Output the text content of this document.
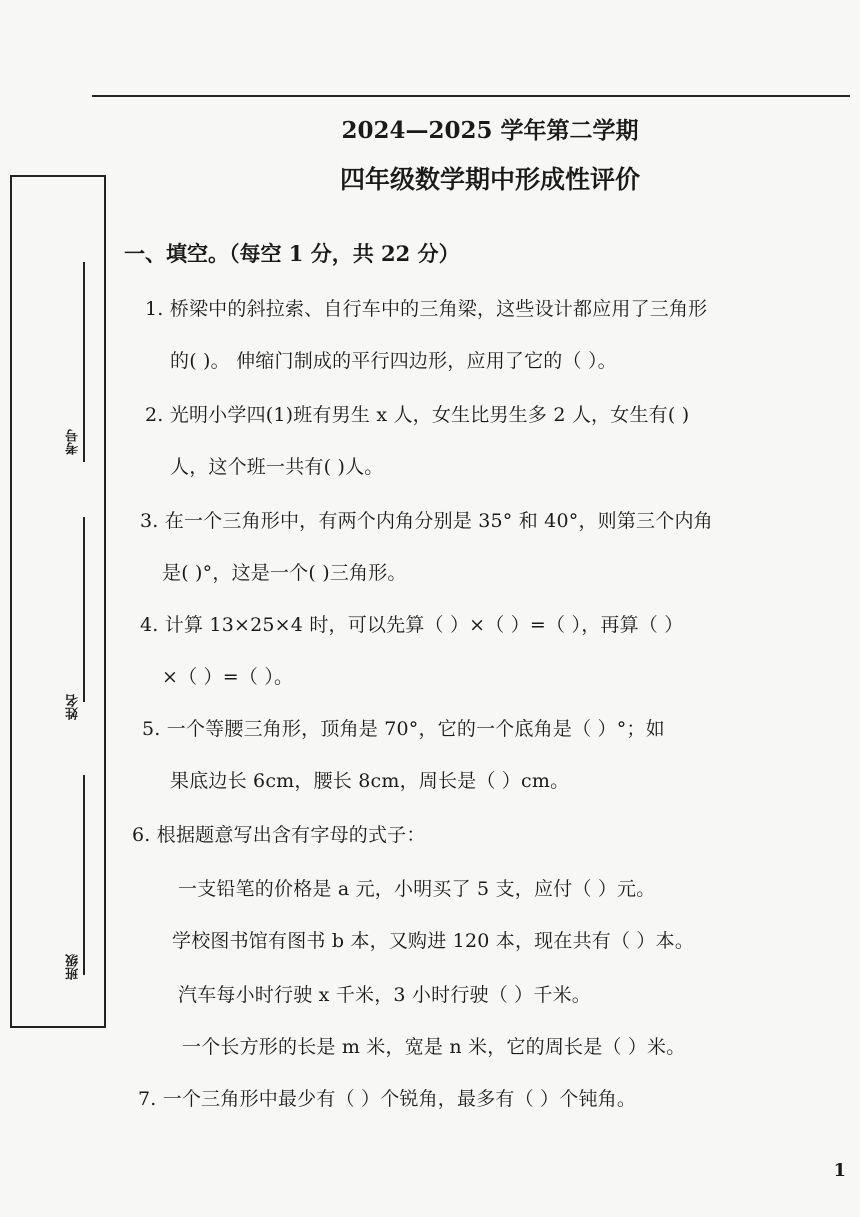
2024—2025 学年第二学期
四年级数学期中形成性评价
考号
姓名
班级
一、填空。（每空 1 分，共 22 分）
1. 桥梁中的斜拉索、自行车中的三角梁，这些设计都应用了三角形
的( )。 伸缩门制成的平行四边形，应用了它的（ ）。
2. 光明小学四(1)班有男生 x 人，女生比男生多 2 人，女生有( )
人，这个班一共有( )人。
3. 在一个三角形中，有两个内角分别是 35° 和 40°，则第三个内角
是( )°，这是一个( )三角形。
4. 计算 13×25×4 时，可以先算（ ）×（ ）=（ ），再算（ ）
×（ ）=（ ）。
5. 一个等腰三角形，顶角是 70°，它的一个底角是（ ）°；如
果底边长 6cm，腰长 8cm，周长是（ ）cm。
6. 根据题意写出含有字母的式子：
一支铅笔的价格是 a 元，小明买了 5 支，应付（ ）元。
学校图书馆有图书 b 本，又购进 120 本，现在共有（ ）本。
汽车每小时行驶 x 千米，3 小时行驶（ ）千米。
一个长方形的长是 m 米，宽是 n 米，它的周长是（ ）米。
7. 一个三角形中最少有（ ）个锐角，最多有（ ）个钝角。
1
